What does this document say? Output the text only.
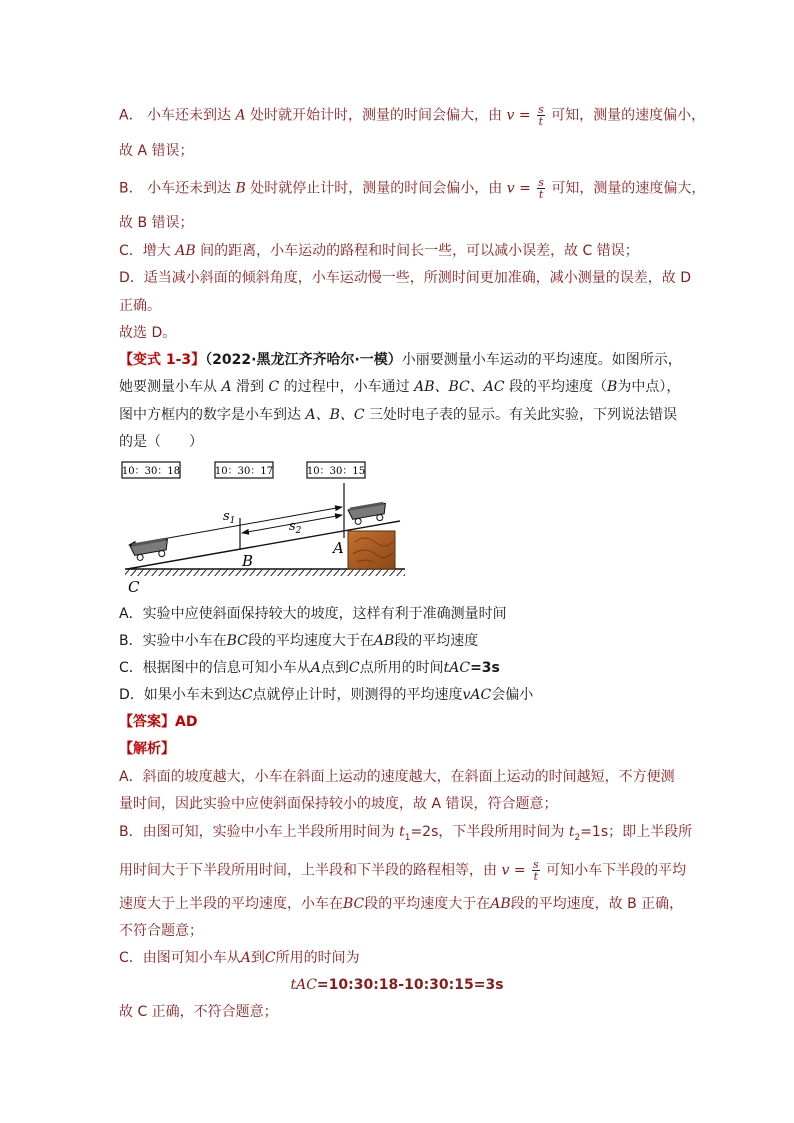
A． 小车还未到达 A 处时就开始计时，测量的时间会偏大，由 $v = \frac{s}{t}$ 可知，测量的速度偏小，
故 A 错误；
B． 小车还未到达 B 处时就停止计时，测量的时间会偏小，由 $v = \frac{s}{t}$ 可知，测量的速度偏大，
故 B 错误；
C．增大 AB 间的距离，小车运动的路程和时间长一些，可以减小误差，故 C 错误；
D．适当减小斜面的倾斜角度，小车运动慢一些，所测时间更加准确，减小测量的误差，故 D
正确。
故选 D。
【变式 1-3】（2022·黑龙江齐齐哈尔·一模）小丽要测量小车运动的平均速度。如图所示，
她要测量小车从 A 滑到 C 的过程中，小车通过 AB、BC、AC 段的平均速度（B为中点），
图中方框内的数字是小车到达 A、B、C 三处时电子表的显示。有关此实验，下列说法错误
的是（　　）
10：30：18	10：30：17	10：30：15
$s_1$	$s_2$
A
B
C
A．实验中应使斜面保持较大的坡度，这样有利于准确测量时间
B．实验中小车在BC段的平均速度大于在AB段的平均速度
C．根据图中的信息可知小车从A点到C点所用的时间tAC=3s
D．如果小车未到达C点就停止计时，则测得的平均速度vAC会偏小
【答案】AD
【解析】
A．斜面的坡度越大，小车在斜面上运动的速度越大，在斜面上运动的时间越短，不方便测
量时间，因此实验中应使斜面保持较小的坡度，故 A 错误，符合题意；
B．由图可知，实验中小车上半段所用时间为 $t_1=2s$，下半段所用时间为 $t_2=1s$；即上半段所
用时间大于下半段所用时间，上半段和下半段的路程相等，由 $v = \frac{s}{t}$ 可知小车下半段的平均
速度大于上半段的平均速度，小车在BC段的平均速度大于在AB段的平均速度，故 B 正确，
不符合题意；
C．由图可知小车从A到C所用的时间为
tAC=10:30:18-10:30:15=3s
故 C 正确，不符合题意；
